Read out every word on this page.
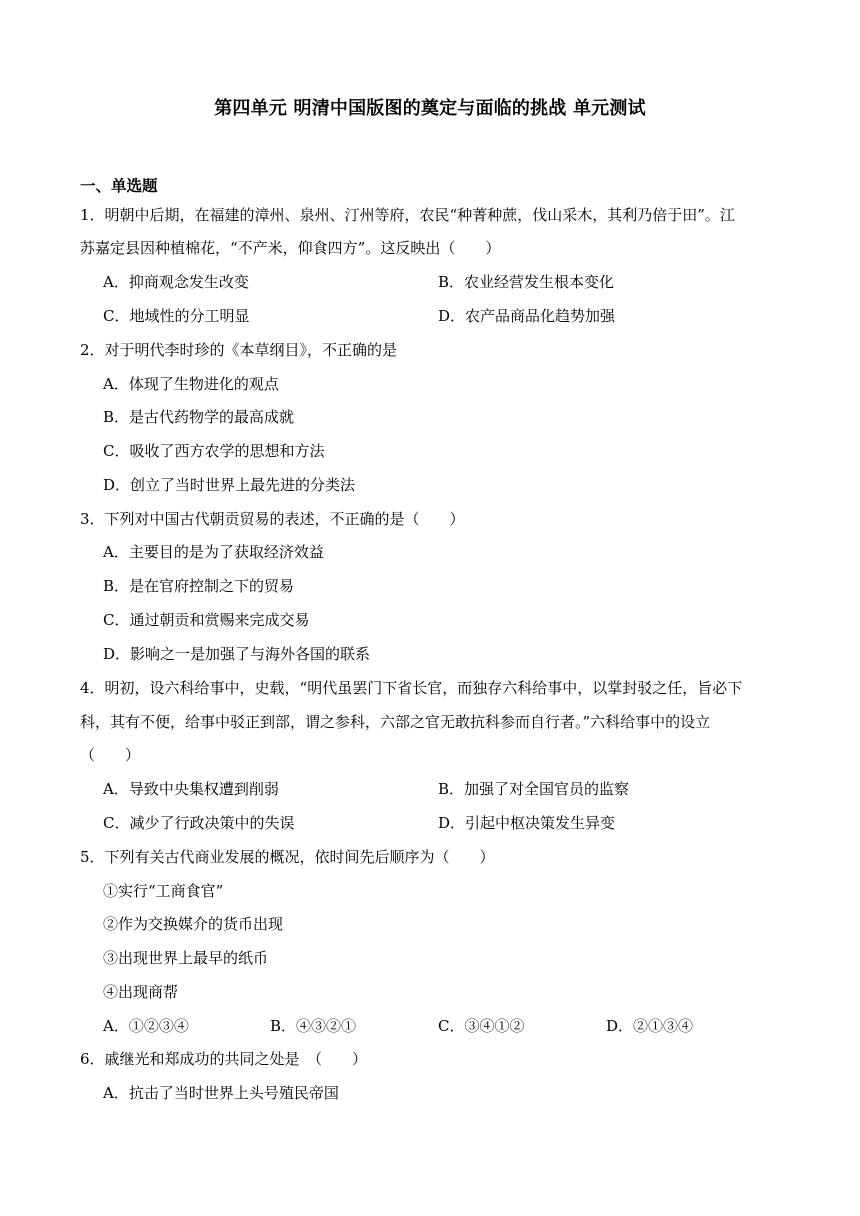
第四单元 明清中国版图的奠定与面临的挑战 单元测试
一、单选题
1．明朝中后期，在福建的漳州、泉州、汀州等府，农民“种菁种蔗，伐山采木，其利乃倍于田”。江
苏嘉定县因种植棉花，“不产米，仰食四方”。这反映出（　　）
A．抑商观念发生改变	B．农业经营发生根本变化
C．地域性的分工明显	D．农产品商品化趋势加强
2．对于明代李时珍的《本草纲目》，不正确的是
A．体现了生物进化的观点
B．是古代药物学的最高成就
C．吸收了西方农学的思想和方法
D．创立了当时世界上最先进的分类法
3．下列对中国古代朝贡贸易的表述，不正确的是（　　）
A．主要目的是为了获取经济效益
B．是在官府控制之下的贸易
C．通过朝贡和赏赐来完成交易
D．影响之一是加强了与海外各国的联系
4．明初，设六科给事中，史载，“明代虽罢门下省长官，而独存六科给事中，以掌封驳之任，旨必下
科，其有不便，给事中驳正到部，谓之参科，六部之官无敢抗科参而自行者。”六科给事中的设立
（　　）
A．导致中央集权遭到削弱	B．加强了对全国官员的监察
C．减少了行政决策中的失误	D．引起中枢决策发生异变
5．下列有关古代商业发展的概况，依时间先后顺序为（　　）
①实行“工商食官”
②作为交换媒介的货币出现
③出现世界上最早的纸币
④出现商帮
A．①②③④	B．④③②①	C．③④①②	D．②①③④
6．戚继光和郑成功的共同之处是　（　　）
A．抗击了当时世界上头号殖民帝国
